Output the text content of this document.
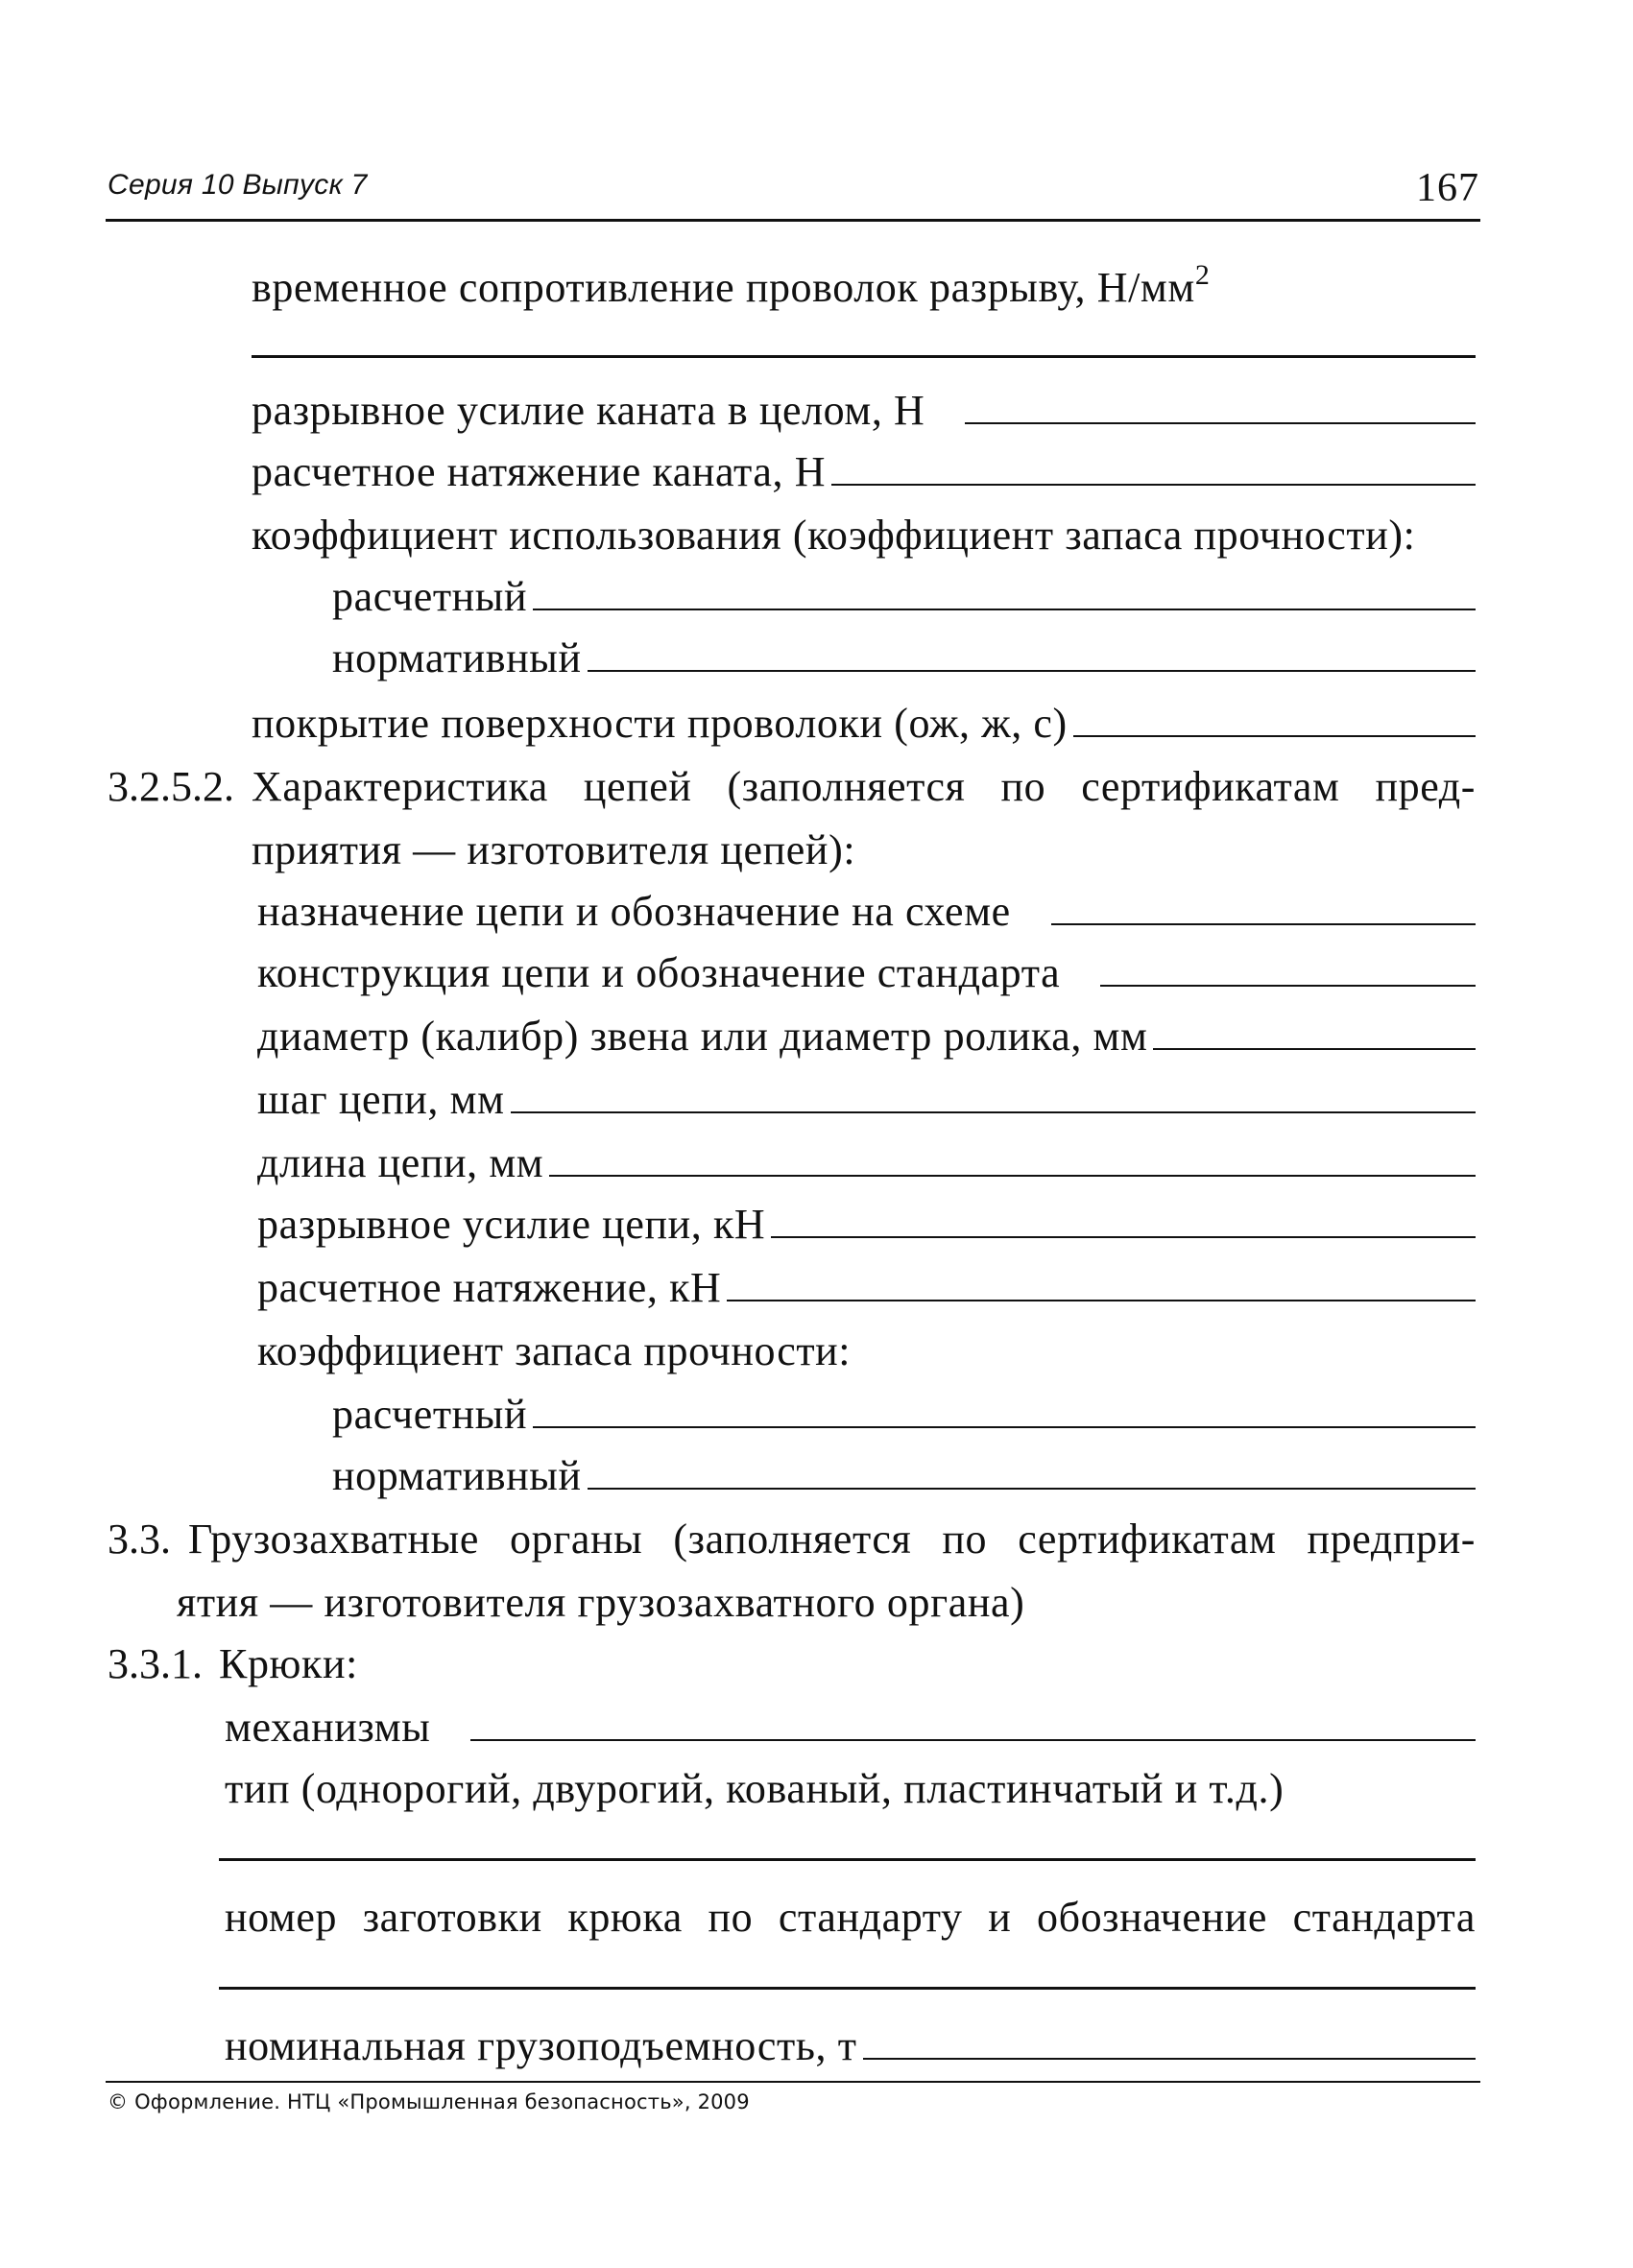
Серия 10 Выпуск 7	167
временное сопротивление проволок разрыву, $Н/мм^2$
разрывное усилие каната в целом, Н
расчетное натяжение каната, Н
коэффициент использования (коэффициент запаса прочности):
расчетный
нормативный
покрытие поверхности проволоки (ож, ж, с)
3.2.5.2. Характеристика цепей (заполняется по сертификатам пред-
приятия — изготовителя цепей):
назначение цепи и обозначение на схеме
конструкция цепи и обозначение стандарта
диаметр (калибр) звена или диаметр ролика, мм
шаг цепи, мм
длина цепи, мм
разрывное усилие цепи, кН
расчетное натяжение, кН
коэффициент запаса прочности:
расчетный
нормативный
3.3. Грузозахватные органы (заполняется по сертификатам предпри-
ятия — изготовителя грузозахватного органа)
3.3.1. Крюки:
механизмы
тип (однорогий, двурогий, кованый, пластинчатый и т.д.)
номер заготовки крюка по стандарту и обозначение стандарта
номинальная грузоподъемность, т
© Оформление. НТЦ «Промышленная безопасность», 2009
